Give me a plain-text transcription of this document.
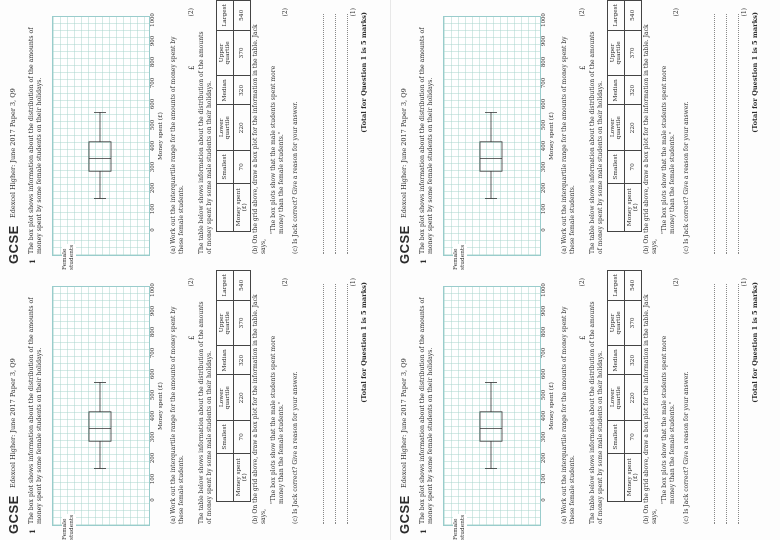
GCSE
Edexcel Higher: June 2017 Paper 3, Q9
1
The box plot shows information about the distribution of the amounts of money spent by some female students on their holidays.
Female students
0
100
200
300
400
500
600
700
800
900
1000
Money spent (£) (a) Work out the interquartile range for the amounts of money spent by these female students.
£
(2)
The table below shows information about the distribution of the amounts of money spent by some male students on their holidays.
	Smallest	Lower quartile	Median	Upper quartile	Largest
Money spent (£)	70	220	320	370	540
(b) On the grid above, draw a box plot for the information in the table. Jack says,
"The box plots show that the male students spent more money than the female students."
(2)
(c) Is Jack correct? Give a reason for your answer.
(1) (Total for Question 1 is 5 marks)
GCSE
Edexcel Higher: June 2017 Paper 3, Q9
1
The box plot shows information about the distribution of the amounts of money spent by some female students on their holidays.
Female students
0
100
200
300
400
500
600
700
800
900
1000
Money spent (£) (a) Work out the interquartile range for the amounts of money spent by these female students.
£
(2)
The table below shows information about the distribution of the amounts of money spent by some male students on their holidays.
	Smallest	Lower quartile	Median	Upper quartile	Largest
Money spent (£)	70	220	320	370	540
(b) On the grid above, draw a box plot for the information in the table. Jack says,
"The box plots show that the male students spent more money than the female students."
(2)
(c) Is Jack correct? Give a reason for your answer.
(1) (Total for Question 1 is 5 marks)
GCSE
Edexcel Higher: June 2017 Paper 3, Q9
1
The box plot shows information about the distribution of the amounts of money spent by some female students on their holidays.
Female students
0
100
200
300
400
500
600
700
800
900
1000
Money spent (£) (a) Work out the interquartile range for the amounts of money spent by these female students.
£
(2)
The table below shows information about the distribution of the amounts of money spent by some male students on their holidays.
	Smallest	Lower quartile	Median	Upper quartile	Largest
Money spent (£)	70	220	320	370	540
(b) On the grid above, draw a box plot for the information in the table. Jack says,
"The box plots show that the male students spent more money than the female students."
(2)
(c) Is Jack correct? Give a reason for your answer.
(1) (Total for Question 1 is 5 marks)
GCSE
Edexcel Higher: June 2017 Paper 3, Q9
1
The box plot shows information about the distribution of the amounts of money spent by some female students on their holidays.
Female students
0
100
200
300
400
500
600
700
800
900
1000
Money spent (£) (a) Work out the interquartile range for the amounts of money spent by these female students.
£
(2)
The table below shows information about the distribution of the amounts of money spent by some male students on their holidays.
	Smallest	Lower quartile	Median	Upper quartile	Largest
Money spent (£)	70	220	320	370	540
(b) On the grid above, draw a box plot for the information in the table. Jack says,
"The box plots show that the male students spent more money than the female students."
(2)
(c) Is Jack correct? Give a reason for your answer.
(1) (Total for Question 1 is 5 marks)
